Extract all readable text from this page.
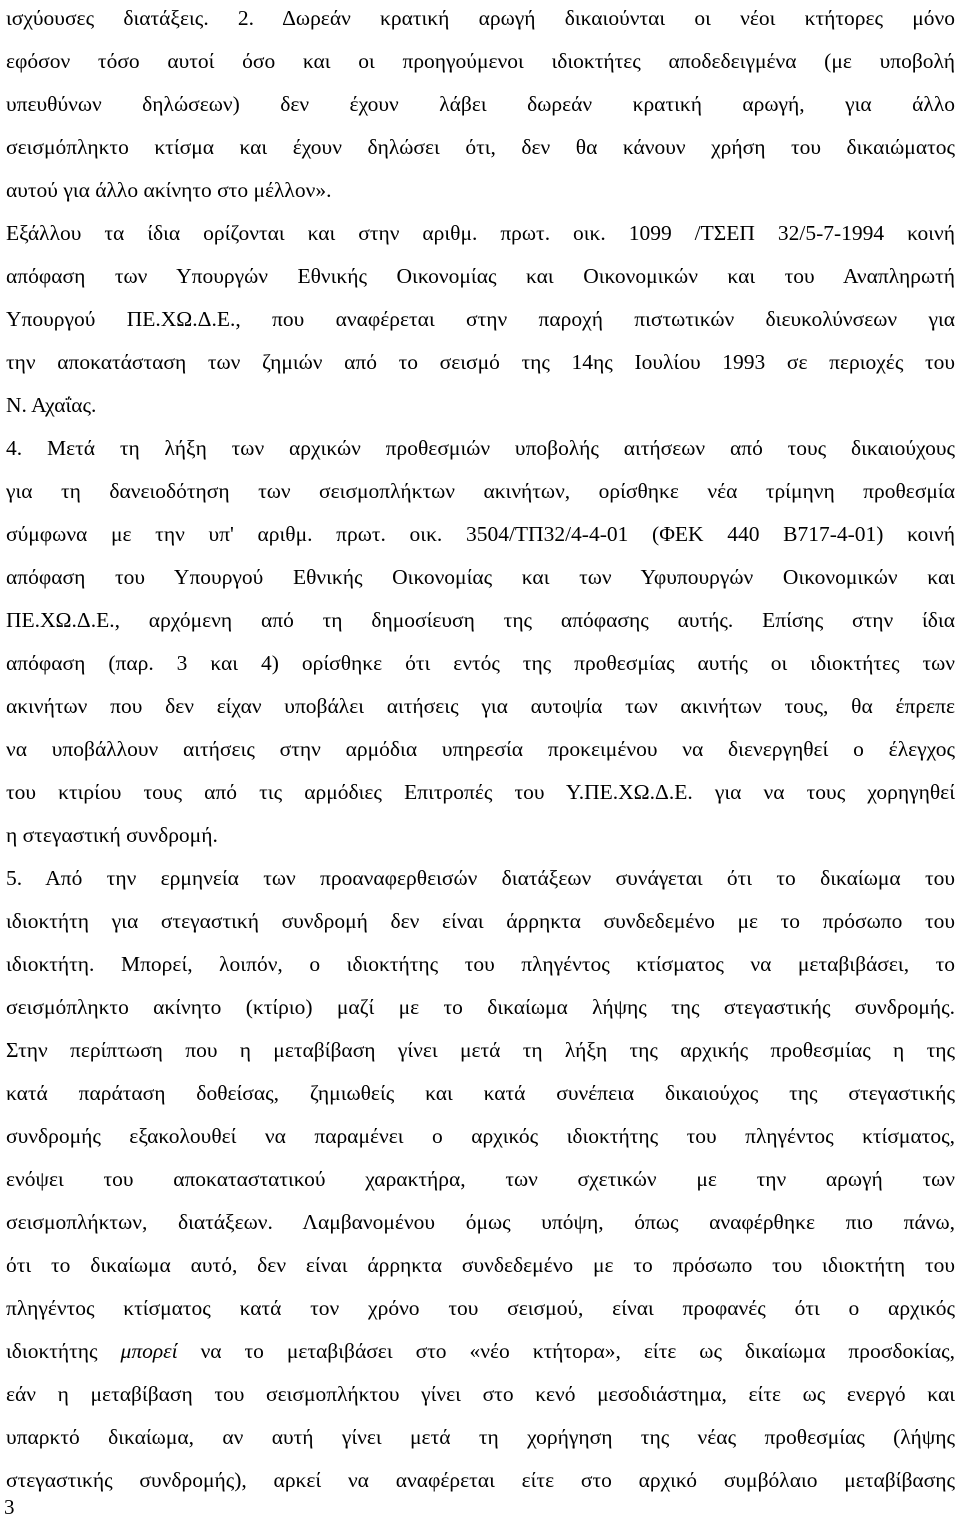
ισχύουσες διατάξεις. 2. Δωρεάν κρατική αρωγή δικαιούνται οι νέοι κτήτορες μόνο
εφόσον τόσο αυτοί όσο και οι προηγούμενοι ιδιοκτήτες αποδεδειγμένα (με υποβολή
υπευθύνων δηλώσεων) δεν έχουν λάβει δωρεάν κρατική αρωγή, για άλλο
σεισμόπληκτο κτίσμα και έχουν δηλώσει ότι, δεν θα κάνουν χρήση του δικαιώματος
αυτού για άλλο ακίνητο στο μέλλον».
Εξάλλου τα ίδια ορίζονται και στην αριθμ. πρωτ. οικ. 1099 /ΤΣΕΠ 32/5-7-1994 κοινή
απόφαση των Υπουργών Εθνικής Οικονομίας και Οικονομικών και του Αναπληρωτή
Υπουργού ΠΕ.ΧΩ.Δ.Ε., που αναφέρεται στην παροχή πιστωτικών διευκολύνσεων για
την αποκατάσταση των ζημιών από το σεισμό της 14ης Ιουλίου 1993 σε περιοχές του
Ν. Αχαΐας.
4. Μετά τη λήξη των αρχικών προθεσμιών υποβολής αιτήσεων από τους δικαιούχους
για τη δανειοδότηση των σεισμοπλήκτων ακινήτων, ορίσθηκε νέα τρίμηνη προθεσμία
σύμφωνα με την υπ' αριθμ. πρωτ. οικ. 3504/ΤΠ32/4-4-01 (ΦΕΚ 440 Β717-4-01) κοινή
απόφαση του Υπουργού Εθνικής Οικονομίας και των Υφυπουργών Οικονομικών και
ΠΕ.ΧΩ.Δ.Ε., αρχόμενη από τη δημοσίευση της απόφασης αυτής. Επίσης στην ίδια
απόφαση (παρ. 3 και 4) ορίσθηκε ότι εντός της προθεσμίας αυτής οι ιδιοκτήτες των
ακινήτων που δεν είχαν υποβάλει αιτήσεις για αυτοψία των ακινήτων τους, θα έπρεπε
να υποβάλλουν αιτήσεις στην αρμόδια υπηρεσία προκειμένου να διενεργηθεί ο έλεγχος
του κτιρίου τους από τις αρμόδιες Επιτροπές του Υ.ΠΕ.ΧΩ.Δ.Ε. για να τους χορηγηθεί
η στεγαστική συνδρομή.
5. Από την ερμηνεία των προαναφερθεισών διατάξεων συνάγεται ότι το δικαίωμα του
ιδιοκτήτη για στεγαστική συνδρομή δεν είναι άρρηκτα συνδεδεμένο με το πρόσωπο του
ιδιοκτήτη. Μπορεί, λοιπόν, ο ιδιοκτήτης του πληγέντος κτίσματος να μεταβιβάσει, το
σεισμόπληκτο ακίνητο (κτίριο) μαζί με το δικαίωμα λήψης της στεγαστικής συνδρομής.
Στην περίπτωση που η μεταβίβαση γίνει μετά τη λήξη της αρχικής προθεσμίας η της
κατά παράταση δοθείσας, ζημιωθείς και κατά συνέπεια δικαιούχος της στεγαστικής
συνδρομής εξακολουθεί να παραμένει ο αρχικός ιδιοκτήτης του πληγέντος κτίσματος,
ενόψει του αποκαταστατικού χαρακτήρα, των σχετικών με την αρωγή των
σεισμοπλήκτων, διατάξεων. Λαμβανομένου όμως υπόψη, όπως αναφέρθηκε πιο πάνω,
ότι το δικαίωμα αυτό, δεν είναι άρρηκτα συνδεδεμένο με το πρόσωπο του ιδιοκτήτη του
πληγέντος κτίσματος κατά τον χρόνο του σεισμού, είναι προφανές ότι ο αρχικός
ιδιοκτήτης μπορεί να το μεταβιβάσει στο «νέο κτήτορα», είτε ως δικαίωμα προσδοκίας,
εάν η μεταβίβαση του σεισμοπλήκτου γίνει στο κενό μεσοδιάστημα, είτε ως ενεργό και
υπαρκτό δικαίωμα, αν αυτή γίνει μετά τη χορήγηση της νέας προθεσμίας (λήψης
στεγαστικής συνδρομής), αρκεί να αναφέρεται είτε στο αρχικό συμβόλαιο μεταβίβασης
3
